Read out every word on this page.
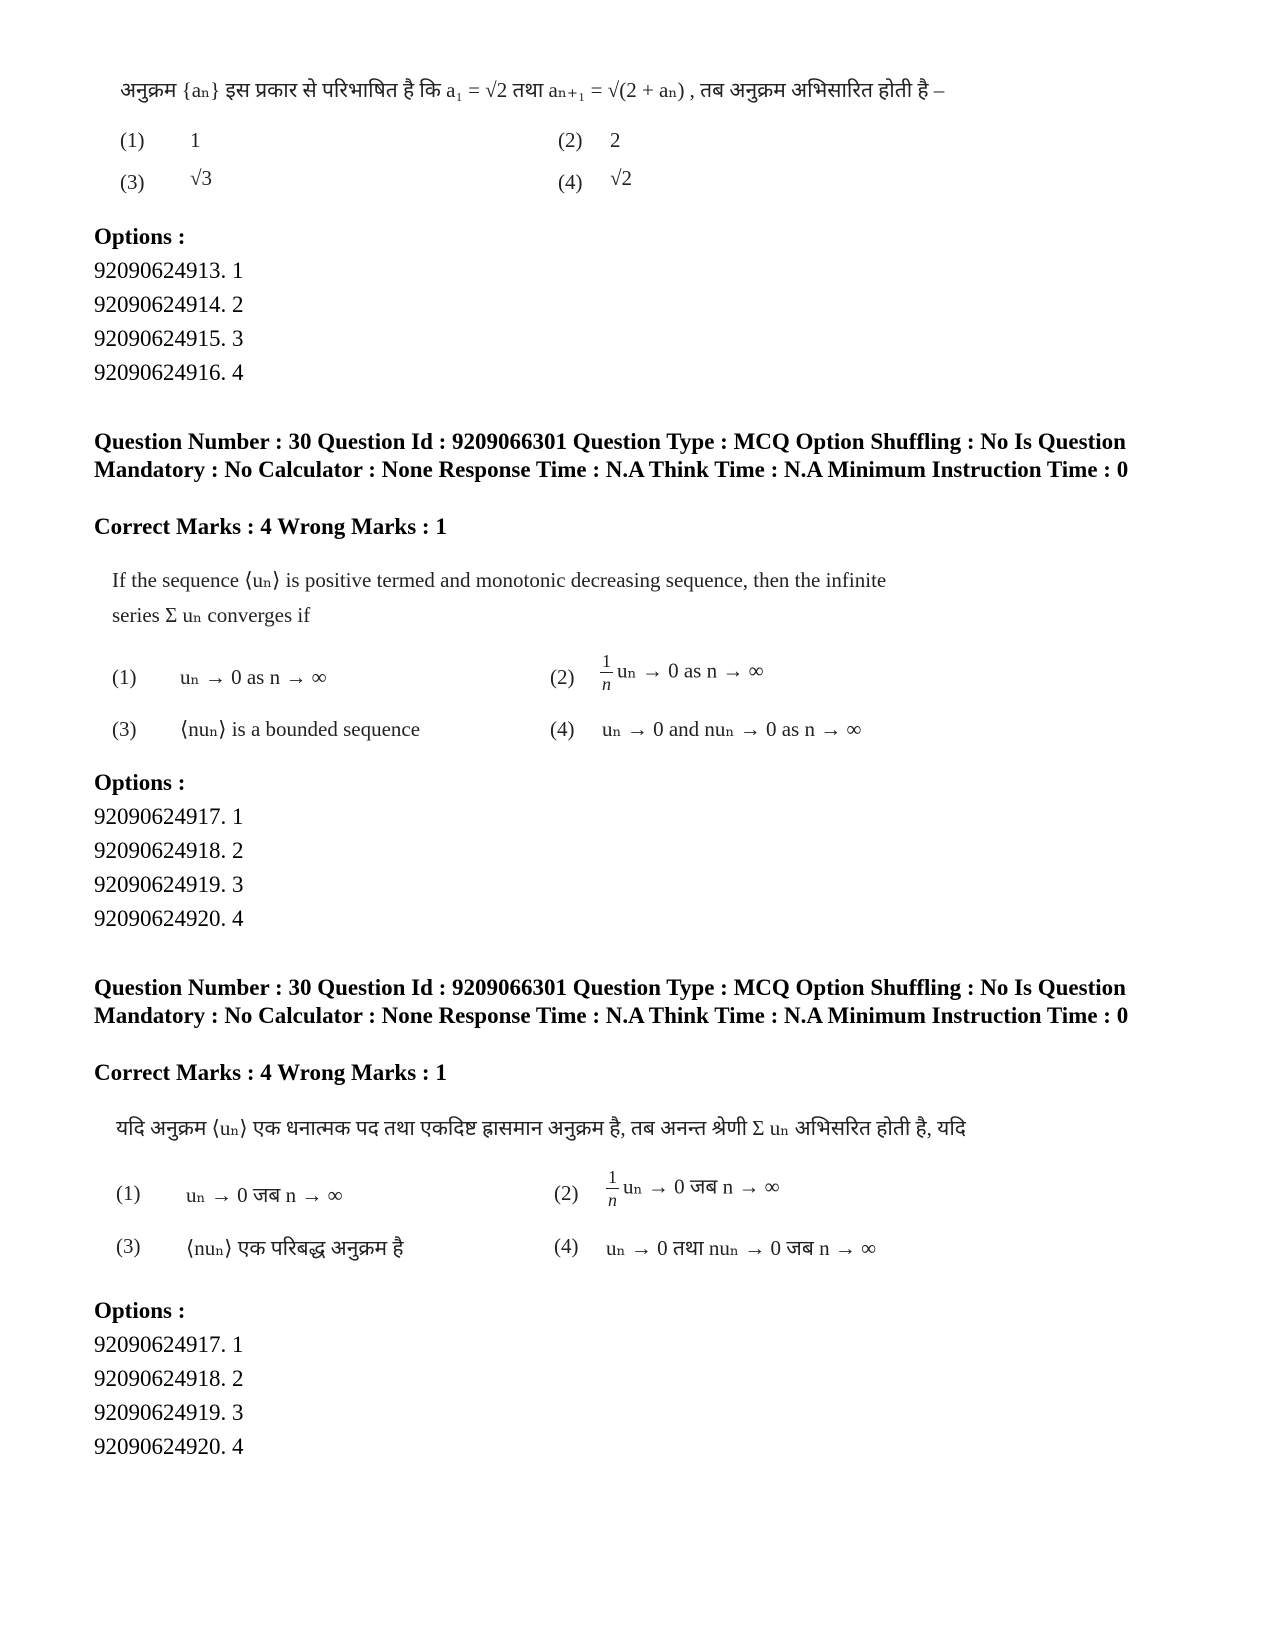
अनुक्रम {aₙ} इस प्रकार से परिभाषित है कि a₁ = √2 तथा aₙ₊₁ = √(2 + aₙ) , तब अनुक्रम अभिसारित होती है –
(1) 1	(2) 2
(3) √3	(4) √2
Options :
92090624913. 1
92090624914. 2
92090624915. 3
92090624916. 4
Question Number : 30 Question Id : 9209066301 Question Type : MCQ Option Shuffling : No Is Question Mandatory : No Calculator : None Response Time : N.A Think Time : N.A Minimum Instruction Time : 0
Correct Marks : 4 Wrong Marks : 1
If the sequence ⟨uₙ⟩ is positive termed and monotonic decreasing sequence, then the infinite
series Σ uₙ converges if
(1) uₙ → 0 as n → ∞	$(2) \frac{1}{n}$ uₙ → 0 as n → ∞
(3) ⟨nuₙ⟩ is a bounded sequence	(4) uₙ → 0 and nuₙ → 0 as n → ∞
Options :
92090624917. 1
92090624918. 2
92090624919. 3
92090624920. 4
Question Number : 30 Question Id : 9209066301 Question Type : MCQ Option Shuffling : No Is Question Mandatory : No Calculator : None Response Time : N.A Think Time : N.A Minimum Instruction Time : 0
Correct Marks : 4 Wrong Marks : 1
यदि अनुक्रम ⟨uₙ⟩ एक धनात्मक पद तथा एकदिष्ट ह्रासमान अनुक्रम है, तब अनन्त श्रेणी Σ uₙ अभिसरित होती है, यदि
(1) uₙ → 0 जब n → ∞	$(2) \frac{1}{n}$ uₙ → 0 जब n → ∞
(3) ⟨nuₙ⟩ एक परिबद्ध अनुक्रम है	(4) uₙ → 0 तथा nuₙ → 0 जब n → ∞
Options :
92090624917. 1
92090624918. 2
92090624919. 3
92090624920. 4
